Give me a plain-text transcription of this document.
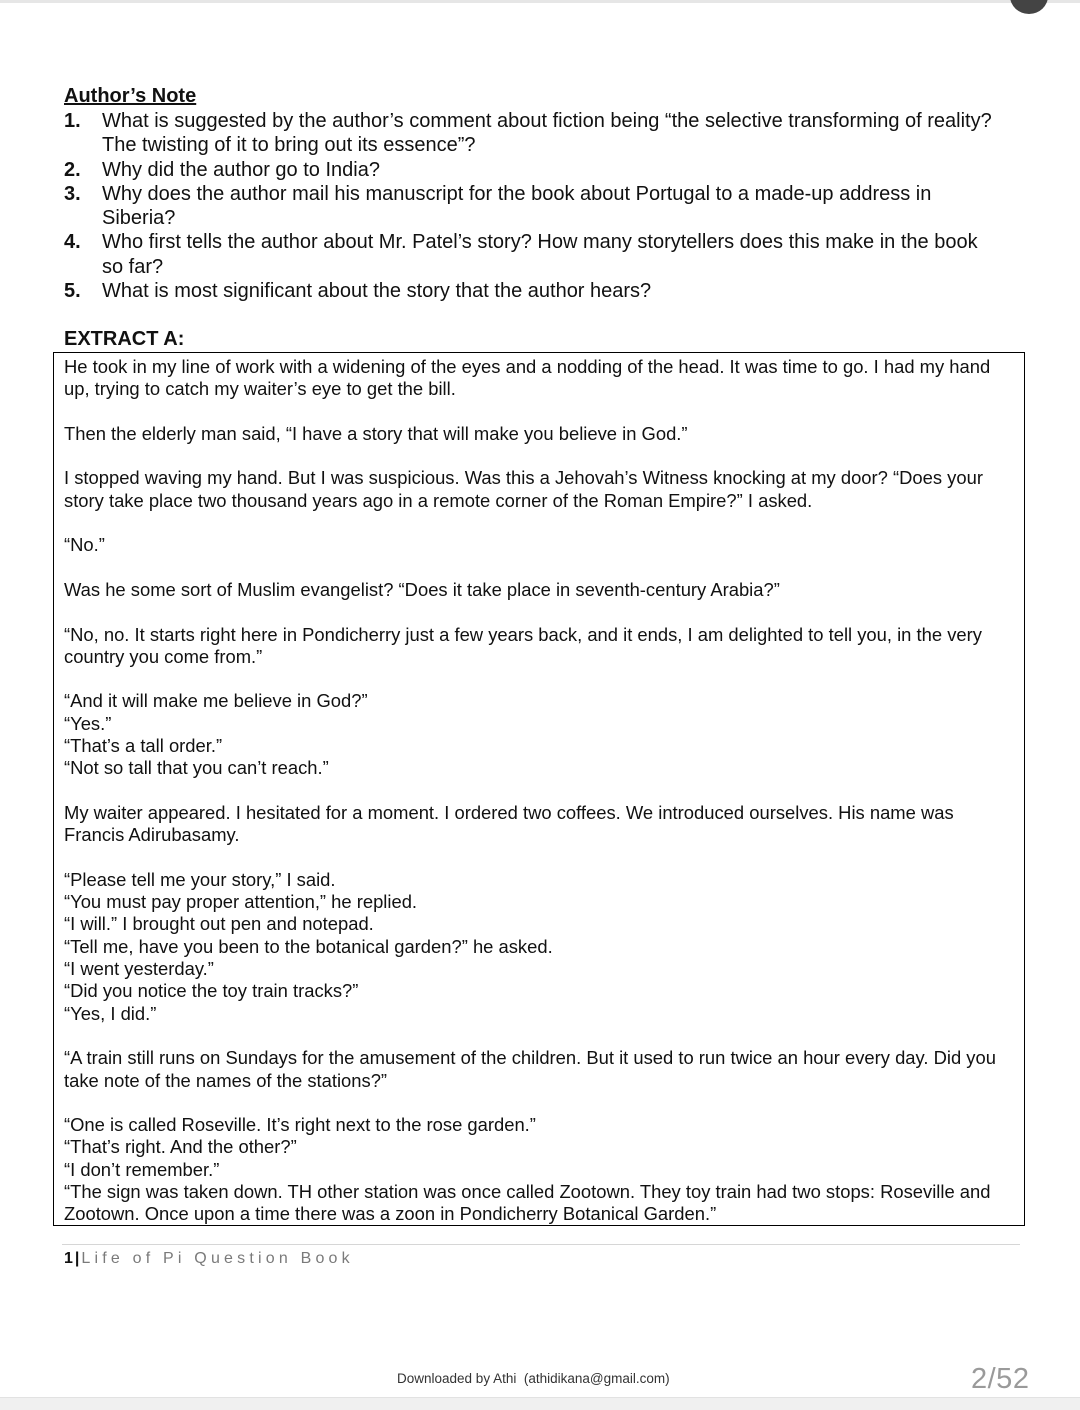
Author’s Note
1.	What is suggested by the author’s comment about fiction being “the selective transforming of reality? The twisting of it to bring out its essence”?
2.	Why did the author go to India?
3.	Why does the author mail his manuscript for the book about Portugal to a made-up address in Siberia?
4.	Who first tells the author about Mr. Patel’s story? How many storytellers does this make in the book so far?
5.	What is most significant about the story that the author hears?
EXTRACT A:

He took in my line of work with a widening of the eyes and a nodding of the head. It was time to go. I had my hand up, trying to catch my waiter’s eye to get the bill.

Then the elderly man said, “I have a story that will make you believe in God.”

I stopped waving my hand. But I was suspicious. Was this a Jehovah’s Witness knocking at my door? “Does your story take place two thousand years ago in a remote corner of the Roman Empire?” I asked.

“No.”

Was he some sort of Muslim evangelist? “Does it take place in seventh-century Arabia?”

“No, no. It starts right here in Pondicherry just a few years back, and it ends, I am delighted to tell you, in the very country you come from.”

“And it will make me believe in God?”

“Yes.”

“That’s a tall order.”

“Not so tall that you can’t reach.”

My waiter appeared. I hesitated for a moment. I ordered two coffees. We introduced ourselves. His name was Francis Adirubasamy.

“Please tell me your story,” I said.

“You must pay proper attention,” he replied.

“I will.” I brought out pen and notepad.

“Tell me, have you been to the botanical garden?” he asked.

“I went yesterday.”

“Did you notice the toy train tracks?”

“Yes, I did.”

“A train still runs on Sundays for the amusement of the children. But it used to run twice an hour every day. Did you take note of the names of the stations?”

“One is called Roseville. It’s right next to the rose garden.”

“That’s right. And the other?”

“I don’t remember.”

“The sign was taken down. TH other station was once called Zootown. They toy train had two stops: Roseville and Zootown. Once upon a time there was a zoon in Pondicherry Botanical Garden.”

1 | Life of Pi Question Book
Downloaded by Athi  (athidikana@gmail.com)	2/52
